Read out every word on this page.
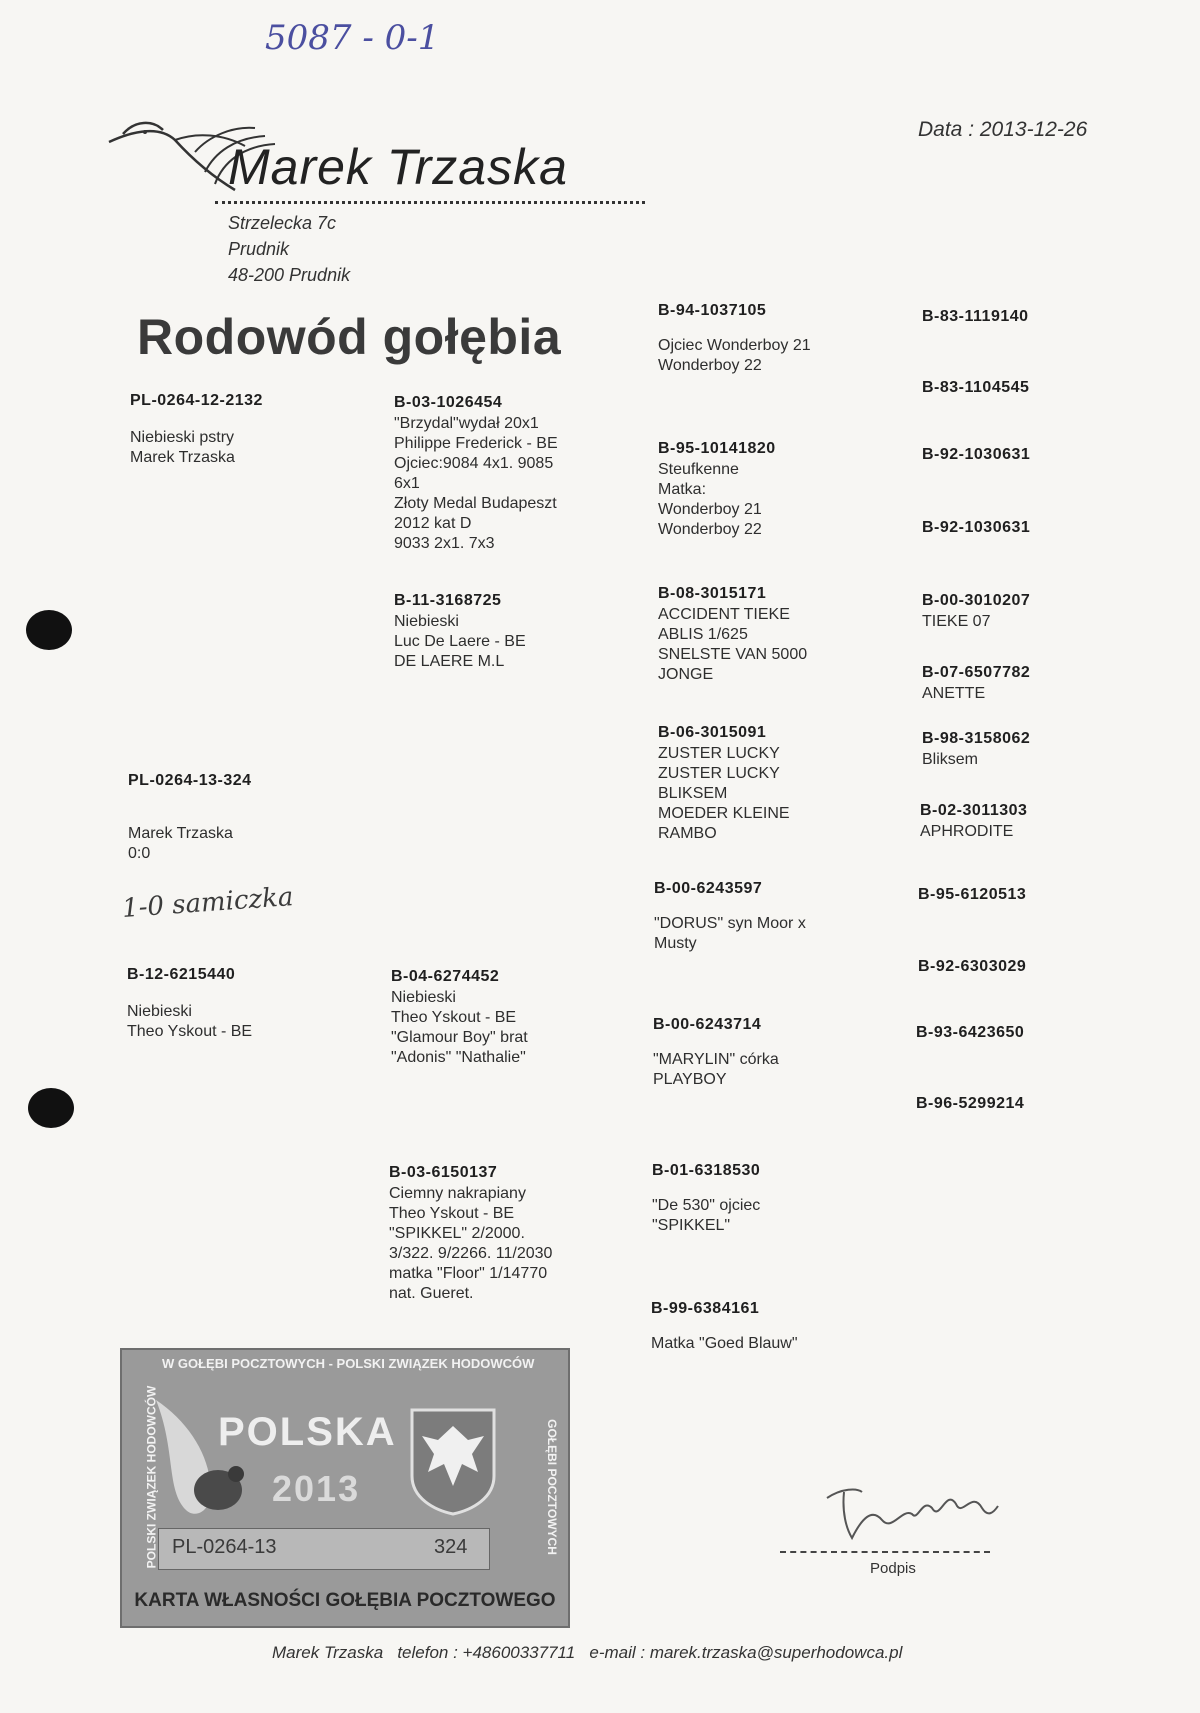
5087 - 0-1
Data : 2013-12-26
Marek Trzaska
Strzelecka 7c
Prudnik
48-200 Prudnik
Rodowód gołębia
PL-0264-12-2132
Niebieski pstry
Marek Trzaska
B-03-1026454
"Brzydal"wydał 20x1
Philippe Frederick - BE
Ojciec:9084 4x1. 9085
6x1
Złoty Medal Budapeszt
2012 kat D
9033 2x1. 7x3
B-11-3168725
Niebieski
Luc De Laere - BE
DE LAERE M.L
B-94-1037105
Ojciec Wonderboy 21
Wonderboy 22
B-95-10141820
Steufkenne
Matka:
Wonderboy 21
Wonderboy 22
B-08-3015171
ACCIDENT TIEKE
ABLIS 1/625
SNELSTE VAN 5000
JONGE
B-06-3015091
ZUSTER LUCKY
ZUSTER LUCKY
BLIKSEM
MOEDER KLEINE
RAMBO
B-83-1119140
B-83-1104545
B-92-1030631
B-92-1030631
B-00-3010207
TIEKE 07
B-07-6507782
ANETTE
B-98-3158062
Bliksem
B-02-3011303
APHRODITE
PL-0264-13-324
Marek Trzaska
0:0
1-0 samiczka
B-12-6215440
Niebieski
Theo Yskout - BE
B-04-6274452
Niebieski
Theo Yskout - BE
"Glamour Boy" brat
"Adonis" "Nathalie"
B-03-6150137
Ciemny nakrapiany
Theo Yskout - BE
"SPIKKEL" 2/2000.
3/322. 9/2266. 11/2030
matka "Floor" 1/14770
nat. Gueret.
B-00-6243597
"DORUS" syn Moor x
Musty
B-00-6243714
"MARYLIN" córka
PLAYBOY
B-01-6318530
"De 530" ojciec
"SPIKKEL"
B-99-6384161
Matka "Goed Blauw"
B-95-6120513
B-92-6303029
B-93-6423650
B-96-5299214
W GOŁĘBI POCZTOWYCH - POLSKI ZWIĄZEK HODOWCÓW
POLSKI ZWIĄZEK HODOWCÓW	GOŁĘBI POCZTOWYCH
POLSKA
2013
PL-0264-13	324
KARTA WŁASNOŚCI GOŁĘBIA POCZTOWEGO
Podpis
Marek Trzaska   telefon : +48600337711   e-mail : marek.trzaska@superhodowca.pl
